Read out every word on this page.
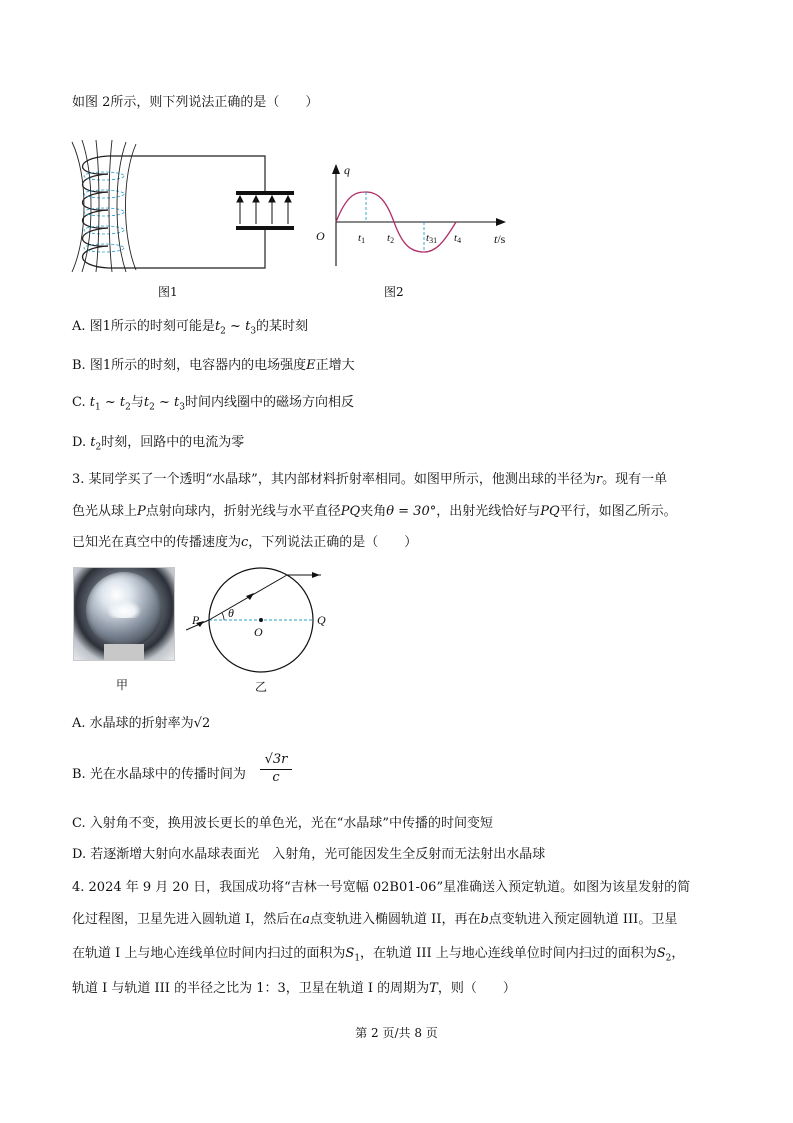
如图 2所示，则下列说法正确的是（　　）
q
O	t1 t2	t31 t4	t/s
图1	图2
A. 图1所示的时刻可能是$t_2$ ~ $t_3$的某时刻
B. 图1所示的时刻，电容器内的电场强度E正增大
C. $t_1$ ~ $t_2$与$t_2$ ~ $t_3$时间内线圈中的磁场方向相反
D. $t_2$时刻，回路中的电流为零
3. 某同学买了一个透明“水晶球”，其内部材料折射率相同。如图甲所示，他测出球的半径为r。现有一单
色光从球上P点射向球内，折射光线与水平直径PQ夹角θ = 30°，出射光线恰好与PQ平行，如图乙所示。
已知光在真空中的传播速度为c，下列说法正确的是（　　）
甲
θ
P
O
Q
乙
A. 水晶球的折射率为√2
B. 光在水晶球中的传播时间为
√3r
c
C. 入射角不变，换用波长更长的单色光，光在“水晶球”中传播的时间变短
D. 若逐渐增大射向水晶球表面光　入射角，光可能因发生全反射而无法射出水晶球
4. 2024 年 9 月 20 日，我国成功将“吉林一号宽幅 02B01-06”星准确送入预定轨道。如图为该星发射的简
化过程图，卫星先进入圆轨道 I，然后在a点变轨进入椭圆轨道 II，再在b点变轨进入预定圆轨道 III。卫星
在轨道 I 上与地心连线单位时间内扫过的面积为$S_1$，在轨道 III 上与地心连线单位时间内扫过的面积为$S_2$，
轨道 I 与轨道 III 的半径之比为 1：3，卫星在轨道 I 的周期为T，则（　　）
第 2 页/共 8 页
